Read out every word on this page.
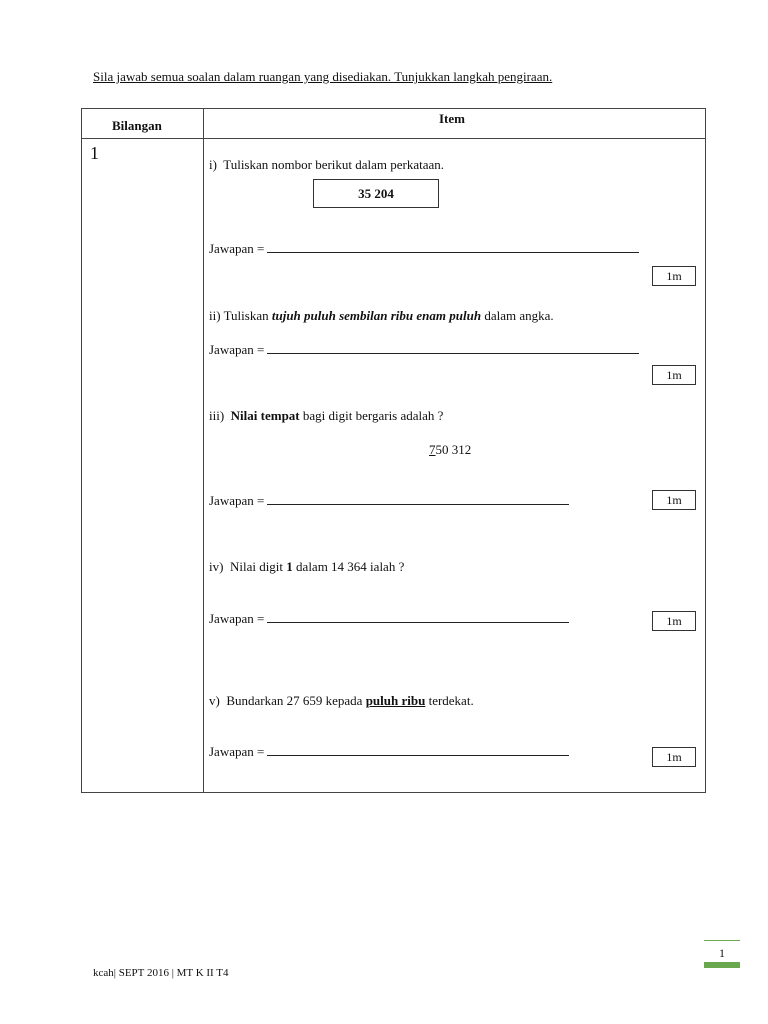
Sila jawab semua soalan dalam ruangan yang disediakan. Tunjukkan langkah pengiraan.
Bilangan	Item
1
i) Tuliskan nombor berikut dalam perkataan.
35 204
Jawapan =
1m
ii) Tuliskan tujuh puluh sembilan ribu enam puluh dalam angka.
Jawapan =
1m
iii) Nilai tempat bagi digit bergaris adalah ?
750 312
Jawapan =	1m
iv) Nilai digit 1 dalam 14 364 ialah ?
Jawapan =	1m
v) Bundarkan 27 659 kepada puluh ribu terdekat.
Jawapan =	1m
kcah| SEPT 2016 | MT K II T4
1
